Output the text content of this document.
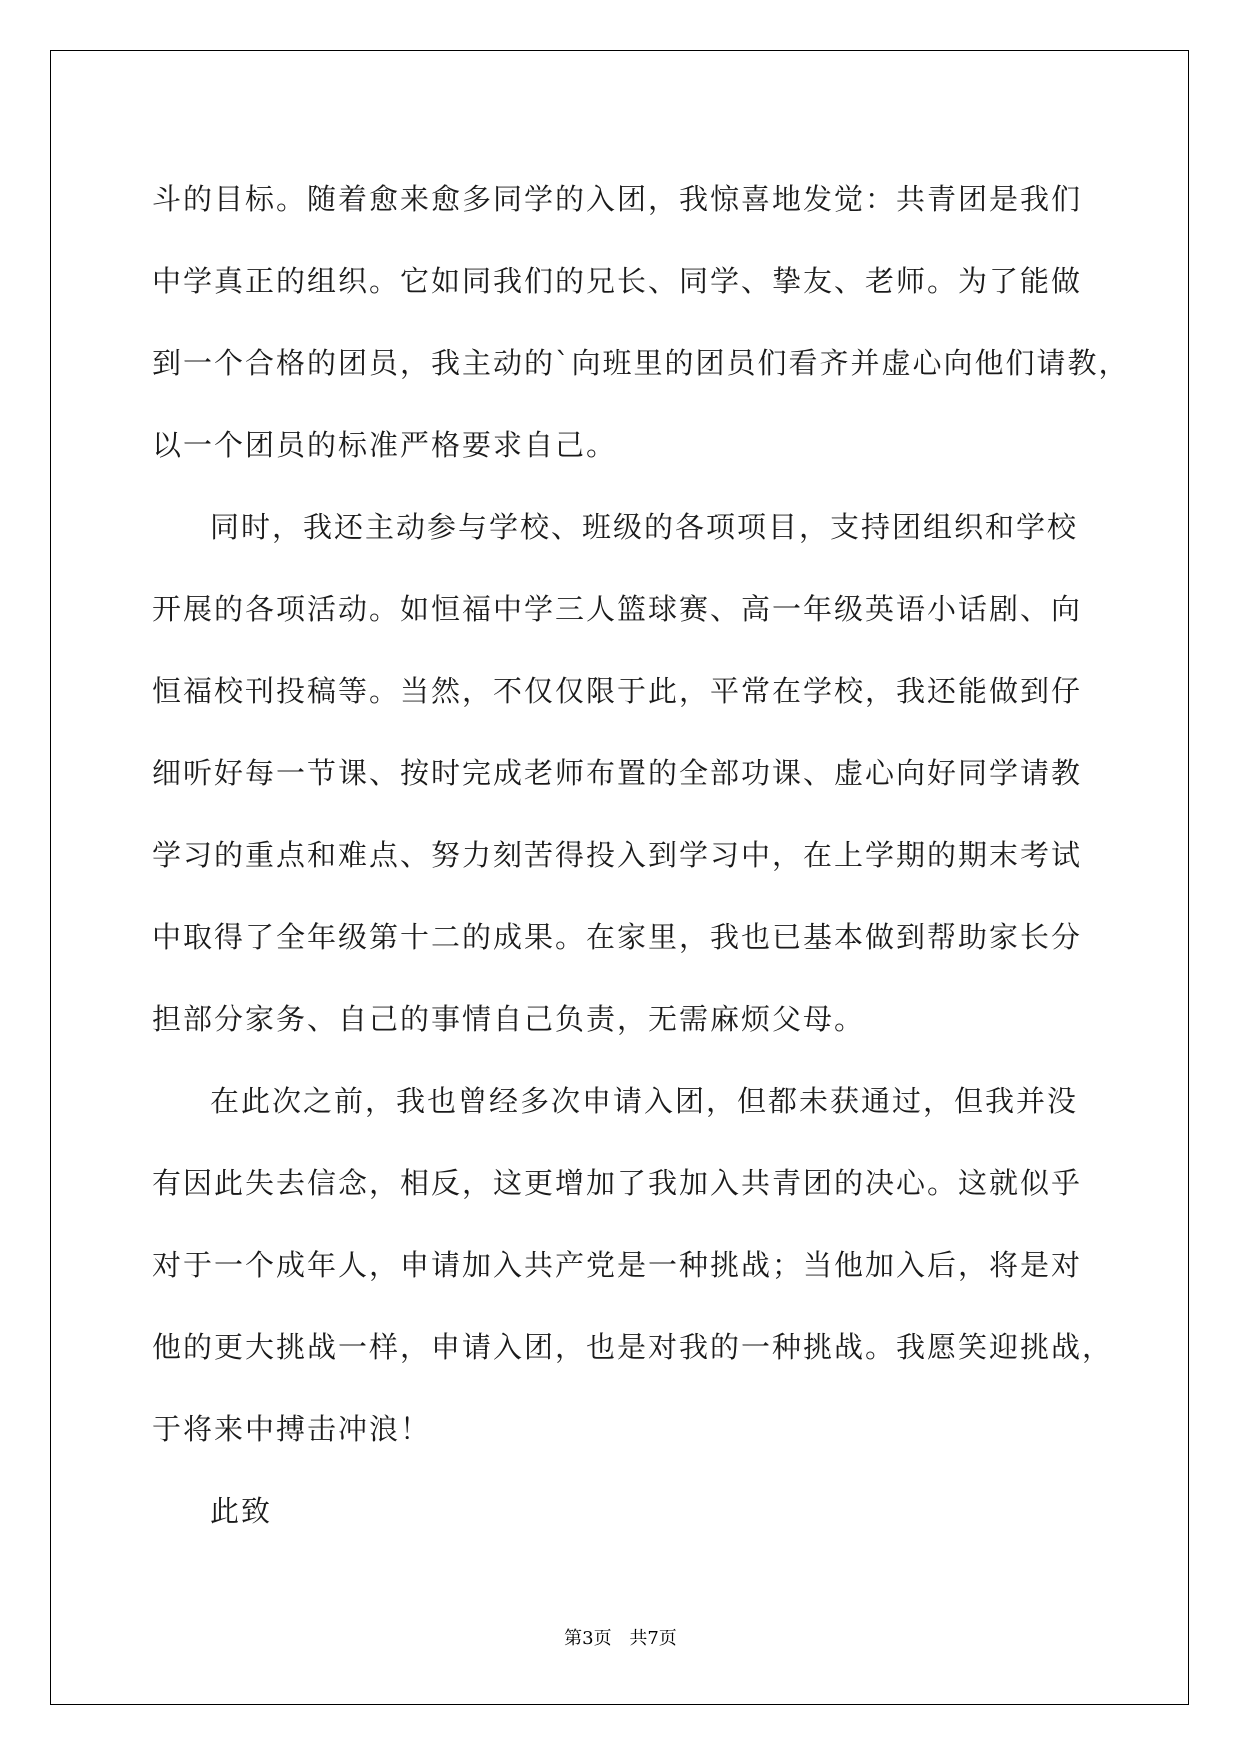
斗的目标。随着愈来愈多同学的入团，我惊喜地发觉：共青团是我们
中学真正的组织。它如同我们的兄长、同学、挚友、老师。为了能做
到一个合格的团员，我主动的`向班里的团员们看齐并虚心向他们请教，
以一个团员的标准严格要求自己。
同时，我还主动参与学校、班级的各项项目，支持团组织和学校
开展的各项活动。如恒福中学三人篮球赛、高一年级英语小话剧、向
恒福校刊投稿等。当然，不仅仅限于此，平常在学校，我还能做到仔
细听好每一节课、按时完成老师布置的全部功课、虚心向好同学请教
学习的重点和难点、努力刻苦得投入到学习中，在上学期的期末考试
中取得了全年级第十二的成果。在家里，我也已基本做到帮助家长分
担部分家务、自己的事情自己负责，无需麻烦父母。
在此次之前，我也曾经多次申请入团，但都未获通过，但我并没
有因此失去信念，相反，这更增加了我加入共青团的决心。这就似乎
对于一个成年人，申请加入共产党是一种挑战；当他加入后，将是对
他的更大挑战一样，申请入团，也是对我的一种挑战。我愿笑迎挑战，
于将来中搏击冲浪！
此致
第3页 共7页
